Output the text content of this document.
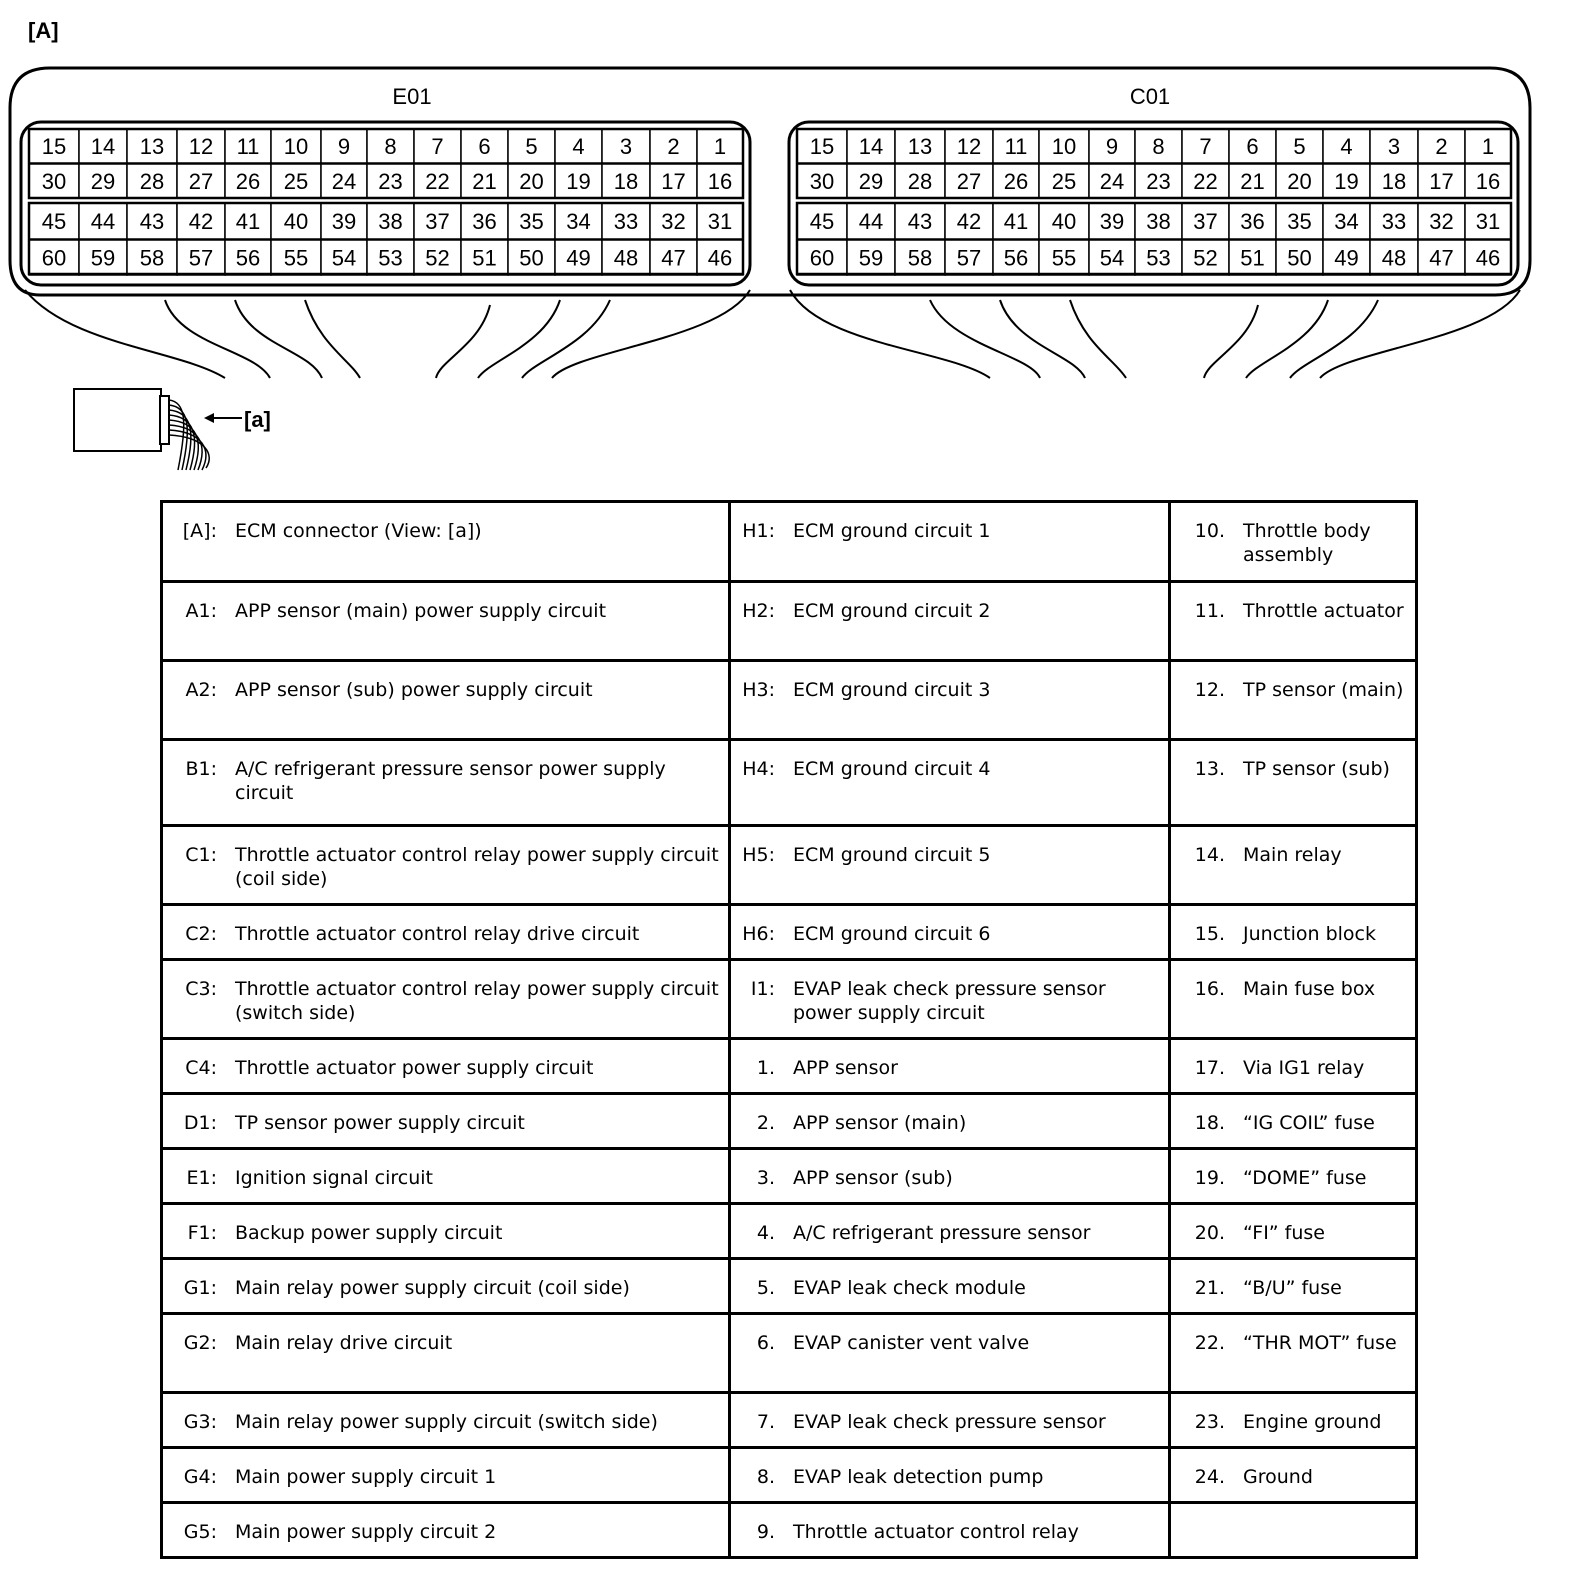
[A]
E01	C01
15 14 13 12 11 10 9 8 7 6 5 4 3 2 1
30 29 28 27 26 25 24 23 22 21 20 19 18 17 16
45 44 43 42 41 40 39 38 37 36 35 34 33 32 31
60 59 58 57 56 55 54 53 52 51 50 49 48 47 46
15 14 13 12 11 10 9 8 7 6 5 4 3 2 1
30 29 28 27 26 25 24 23 22 21 20 19 18 17 16
45 44 43 42 41 40 39 38 37 36 35 34 33 32 31
60 59 58 57 56 55 54 53 52 51 50 49 48 47 46
[a]
[A]: ECM connector (View: [a])	H1: ECM ground circuit 1	10. Throttle body assembly

A1: APP sensor (main) power supply circuit	H2: ECM ground circuit 2	11. Throttle actuator

A2: APP sensor (sub) power supply circuit	H3: ECM ground circuit 3	12. TP sensor (main)

B1: A/C refrigerant pressure sensor power supply circuit	H4: ECM ground circuit 4	13. TP sensor (sub)

C1: Throttle actuator control relay power supply circuit (coil side)	H5: ECM ground circuit 5	14. Main relay

C2: Throttle actuator control relay drive circuit	H6: ECM ground circuit 6	15. Junction block

C3: Throttle actuator control relay power supply circuit (switch side)	I1: EVAP leak check pressure sensor power supply circuit	16. Main fuse box

C4: Throttle actuator power supply circuit	1. APP sensor	17. Via IG1 relay

D1: TP sensor power supply circuit	2. APP sensor (main)	18. “IG COIL” fuse

E1: Ignition signal circuit	3. APP sensor (sub)	19. “DOME” fuse

F1: Backup power supply circuit	4. A/C refrigerant pressure sensor	20. “FI” fuse

G1: Main relay power supply circuit (coil side)	5. EVAP leak check module	21. “B/U” fuse

G2: Main relay drive circuit	6. EVAP canister vent valve	22. “THR MOT” fuse

G3: Main relay power supply circuit (switch side)	7. EVAP leak check pressure sensor	23. Engine ground

G4: Main power supply circuit 1	8. EVAP leak detection pump	24. Ground

G5: Main power supply circuit 2	9. Throttle actuator control relay	
